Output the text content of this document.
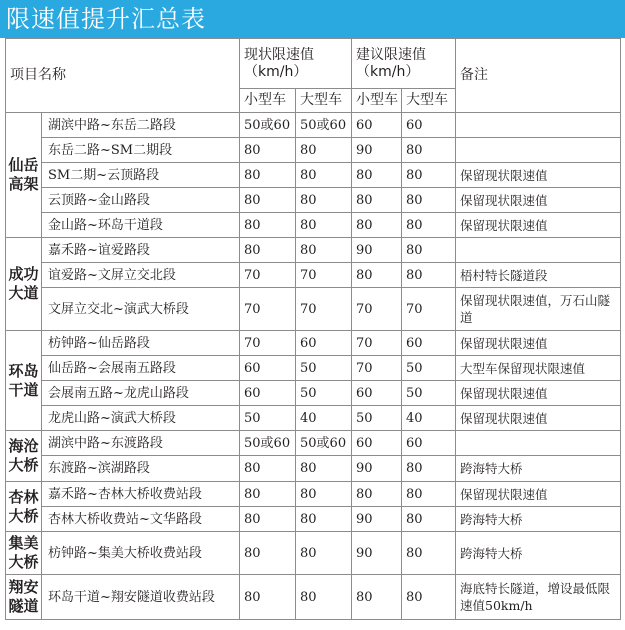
限速值提升汇总表
项目名称		现状限速值（km/h）		建议限速值（km/h）		备注
		小型车	大型车	小型车	大型车	
仙岳高架	湖滨中路~东岳二路段	50或60	50或60	60	60	
	东岳二路~SM二期段	80	80	90	80	
	SM二期~云顶路段	80	80	80	80	保留现状限速值
	云顶路~金山路段	80	80	80	80	保留现状限速值
	金山路~环岛干道段	80	80	80	80	保留现状限速值
成功大道	嘉禾路~谊爱路段	80	80	90	80	
	谊爱路~文屏立交北段	70	70	80	80	梧村特长隧道段
	文屏立交北~演武大桥段	70	70	70	70	保留现状限速值，万石山隧道
环岛干道	枋钟路~仙岳路段	70	60	70	60	保留现状限速值
	仙岳路~会展南五路段	60	50	70	50	大型车保留现状限速值
	会展南五路~龙虎山路段	60	50	60	50	保留现状限速值
	龙虎山路~演武大桥段	50	40	50	40	保留现状限速值
海沧大桥	湖滨中路~东渡路段	50或60	50或60	60	60	
	东渡路~滨湖路段	80	80	90	80	跨海特大桥
杏林大桥	嘉禾路~杏林大桥收费站段	80	80	80	80	保留现状限速值
	杏林大桥收费站~文华路段	80	80	90	80	跨海特大桥
集美大桥	枋钟路~集美大桥收费站段	80	80	90	80	跨海特大桥
翔安隧道	环岛干道~翔安隧道收费站段	80	80	80	80	海底特长隧道，增设最低限速值50km/h
